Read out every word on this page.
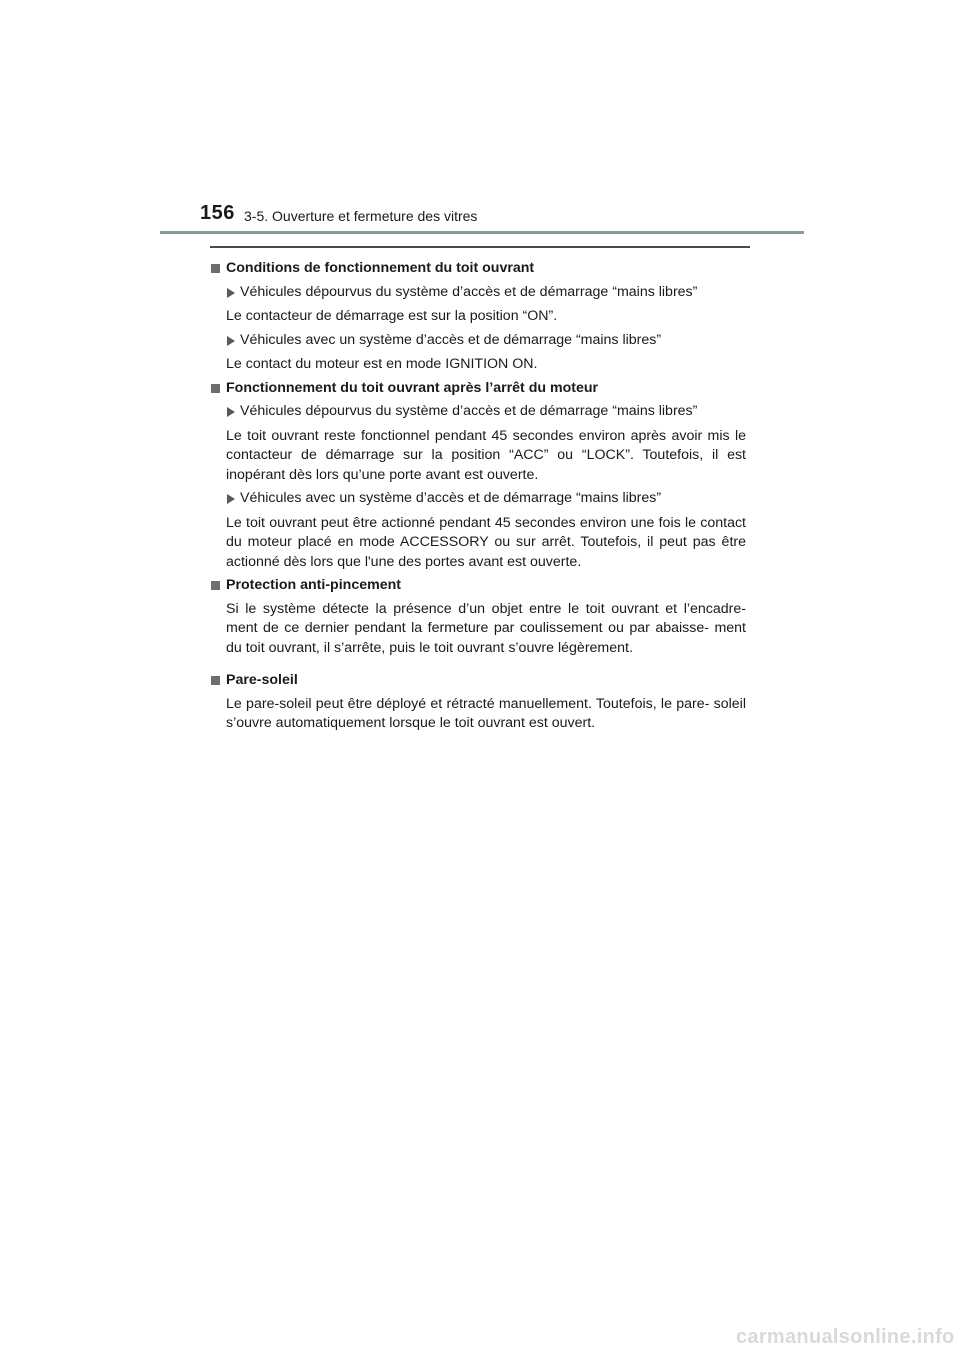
156 3-5. Ouverture et fermeture des vitres
Conditions de fonctionnement du toit ouvrant
Véhicules dépourvus du système d’accès et de démarrage “mains libres”
Le contacteur de démarrage est sur la position “ON”.
Véhicules avec un système d’accès et de démarrage “mains libres”
Le contact du moteur est en mode IGNITION ON.
Fonctionnement du toit ouvrant après l’arrêt du moteur
Véhicules dépourvus du système d’accès et de démarrage “mains libres”
Le toit ouvrant reste fonctionnel pendant 45 secondes environ après avoir mis le contacteur de démarrage sur la position “ACC” ou “LOCK”. Toutefois, il est inopérant dès lors qu’une porte avant est ouverte.
Véhicules avec un système d’accès et de démarrage “mains libres”
Le toit ouvrant peut être actionné pendant 45 secondes environ une fois le contact du moteur placé en mode ACCESSORY ou sur arrêt. Toutefois, il peut pas être actionné dès lors que l'une des portes avant est ouverte.
Protection anti-pincement
Si le système détecte la présence d’un objet entre le toit ouvrant et l’encadre- ment de ce dernier pendant la fermeture par coulissement ou par abaisse- ment du toit ouvrant, il s’arrête, puis le toit ouvrant s’ouvre légèrement.
Pare-soleil
Le pare-soleil peut être déployé et rétracté manuellement. Toutefois, le pare- soleil s’ouvre automatiquement lorsque le toit ouvrant est ouvert.
carmanualsonline.info
